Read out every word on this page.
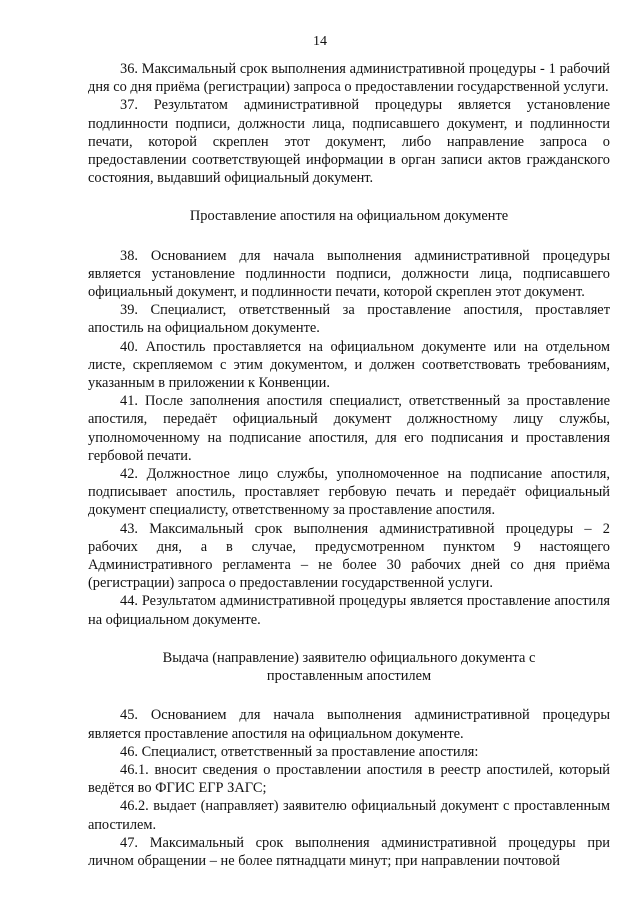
14

36. Максимальный срок выполнения административной процедуры - 1 рабочий дня со дня приёма (регистрации) запроса о предоставлении государственной услуги.

37. Результатом административной процедуры является установление подлинности подписи, должности лица, подписавшего документ, и подлинности печати, которой скреплен этот документ, либо направление запроса о предоставлении соответствующей информации в орган записи актов гражданского состояния, выдавший официальный документ.

Проставление апостиля на официальном документе

38. Основанием для начала выполнения административной процедуры является установление подлинности подписи, должности лица, подписавшего официальный документ, и подлинности печати, которой скреплен этот документ.

39. Специалист, ответственный за проставление апостиля, проставляет апостиль на официальном документе.

40. Апостиль проставляется на официальном документе или на отдельном листе, скрепляемом с этим документом, и должен соответствовать требованиям, указанным в приложении к Конвенции.

41. После заполнения апостиля специалист, ответственный за проставление апостиля, передаёт официальный документ должностному лицу службы, уполномоченному на подписание апостиля, для его подписания и проставления гербовой печати.

42. Должностное лицо службы, уполномоченное на подписание апостиля, подписывает апостиль, проставляет гербовую печать и передаёт официальный документ специалисту, ответственному за проставление апостиля.

43. Максимальный срок выполнения административной процедуры – 2 рабочих дня, а в случае, предусмотренном пунктом 9 настоящего Административного регламента – не более 30 рабочих дней со дня приёма (регистрации) запроса о предоставлении государственной услуги.

44. Результатом административной процедуры является проставление апостиля на официальном документе.

Выдача (направление) заявителю официального документа с проставленным апостилем

45. Основанием для начала выполнения административной процедуры является проставление апостиля на официальном документе.

46. Специалист, ответственный за проставление апостиля:

46.1. вносит сведения о проставлении апостиля в реестр апостилей, который ведётся во ФГИС ЕГР ЗАГС;

46.2. выдает (направляет) заявителю официальный документ с проставленным апостилем.

47. Максимальный срок выполнения административной процедуры при личном обращении – не более пятнадцати минут; при направлении почтовой
